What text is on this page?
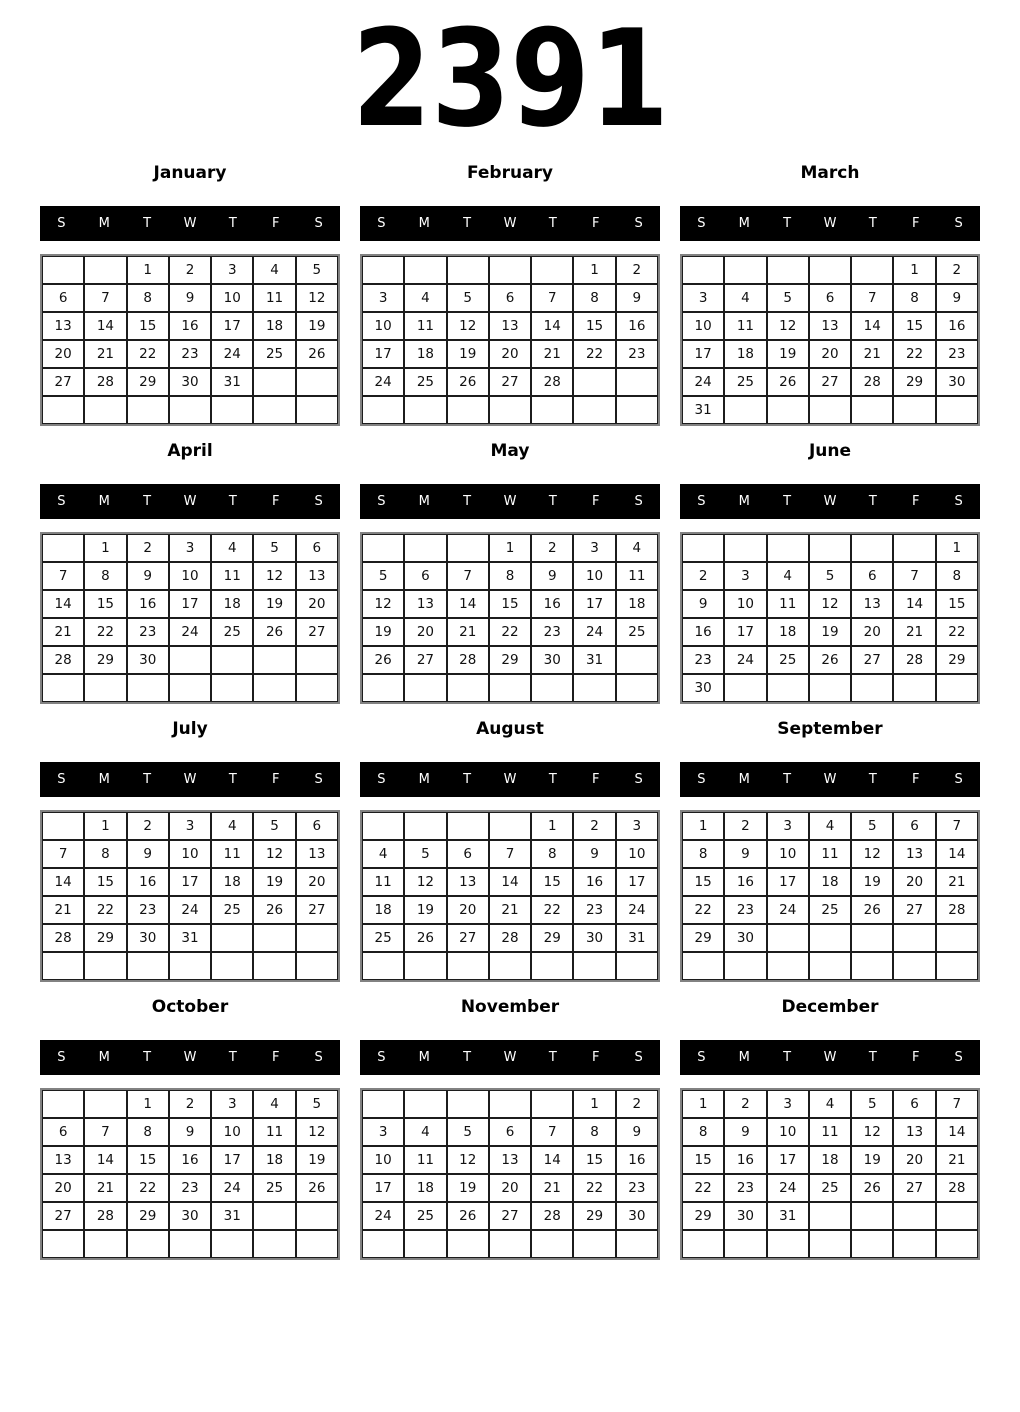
2391
January
S	M	T	W	T	F	S
		1	2	3	4	5
6	7	8	9	10	11	12
13	14	15	16	17	18	19
20	21	22	23	24	25	26
27	28	29	30	31		

February
S	M	T	W	T	F	S
					1	2
3	4	5	6	7	8	9
10	11	12	13	14	15	16
17	18	19	20	21	22	23
24	25	26	27	28		

March
S	M	T	W	T	F	S
					1	2
3	4	5	6	7	8	9
10	11	12	13	14	15	16
17	18	19	20	21	22	23
24	25	26	27	28	29	30
31						
April
S	M	T	W	T	F	S
	1	2	3	4	5	6
7	8	9	10	11	12	13
14	15	16	17	18	19	20
21	22	23	24	25	26	27
28	29	30				

May
S	M	T	W	T	F	S
			1	2	3	4
5	6	7	8	9	10	11
12	13	14	15	16	17	18
19	20	21	22	23	24	25
26	27	28	29	30	31	

June
S	M	T	W	T	F	S
						1
2	3	4	5	6	7	8
9	10	11	12	13	14	15
16	17	18	19	20	21	22
23	24	25	26	27	28	29
30						
July
S	M	T	W	T	F	S
	1	2	3	4	5	6
7	8	9	10	11	12	13
14	15	16	17	18	19	20
21	22	23	24	25	26	27
28	29	30	31			

August
S	M	T	W	T	F	S
				1	2	3
4	5	6	7	8	9	10
11	12	13	14	15	16	17
18	19	20	21	22	23	24
25	26	27	28	29	30	31

September
S	M	T	W	T	F	S
1	2	3	4	5	6	7
8	9	10	11	12	13	14
15	16	17	18	19	20	21
22	23	24	25	26	27	28
29	30					

October
S	M	T	W	T	F	S
		1	2	3	4	5
6	7	8	9	10	11	12
13	14	15	16	17	18	19
20	21	22	23	24	25	26
27	28	29	30	31		

November
S	M	T	W	T	F	S
					1	2
3	4	5	6	7	8	9
10	11	12	13	14	15	16
17	18	19	20	21	22	23
24	25	26	27	28	29	30

December
S	M	T	W	T	F	S
1	2	3	4	5	6	7
8	9	10	11	12	13	14
15	16	17	18	19	20	21
22	23	24	25	26	27	28
29	30	31				
